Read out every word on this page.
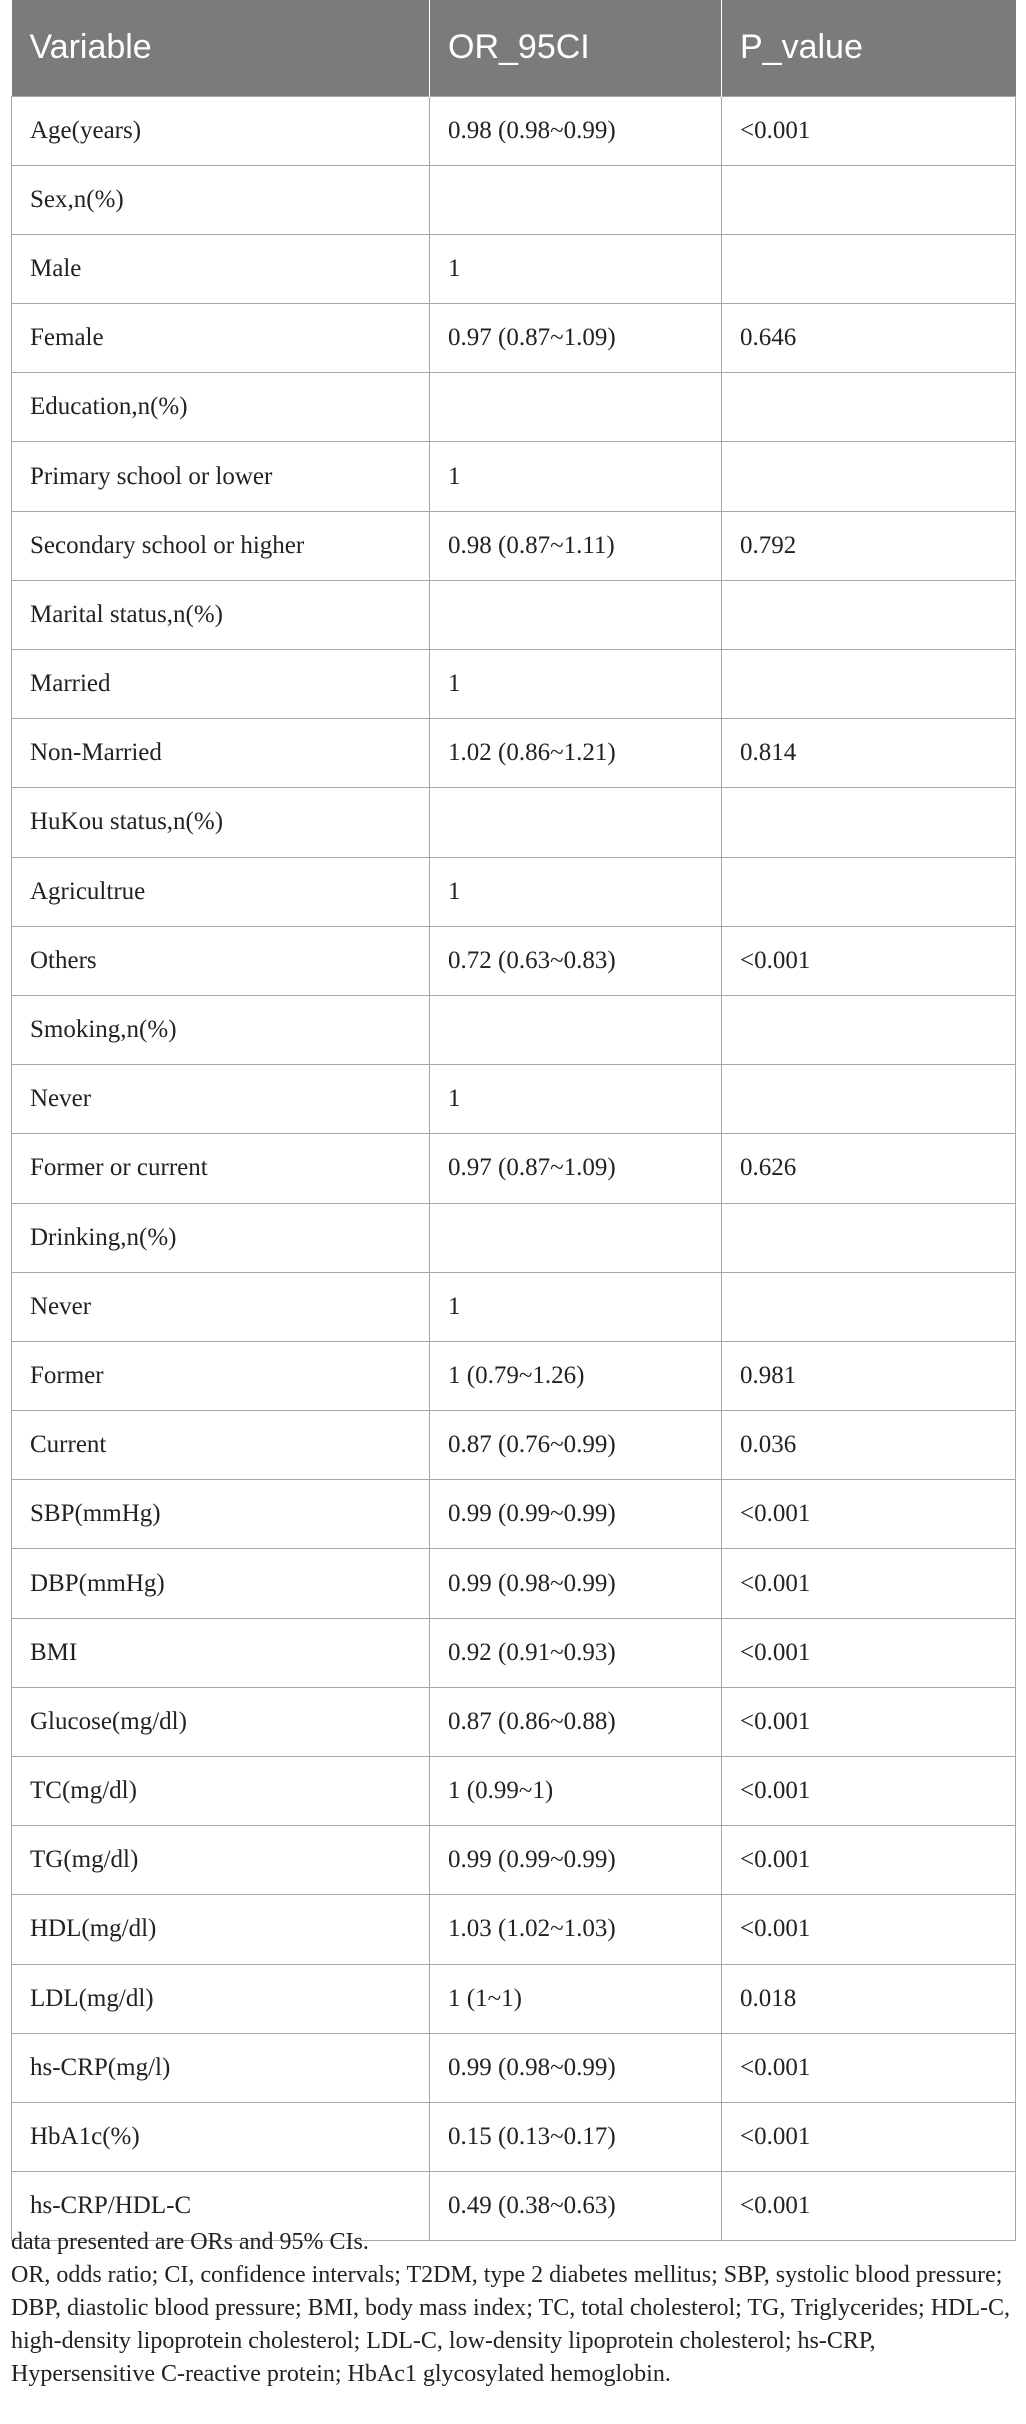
Variable	OR_95CI	P_value
Age(years)	0.98 (0.98~0.99)	<0.001
Sex,n(%)		
Male	1	
Female	0.97 (0.87~1.09)	0.646
Education,n(%)		
Primary school or lower	1	
Secondary school or higher	0.98 (0.87~1.11)	0.792
Marital status,n(%)		
Married	1	
Non-Married	1.02 (0.86~1.21)	0.814
HuKou status,n(%)		
Agricultrue	1	
Others	0.72 (0.63~0.83)	<0.001
Smoking,n(%)		
Never	1	
Former or current	0.97 (0.87~1.09)	0.626
Drinking,n(%)		
Never	1	
Former	1 (0.79~1.26)	0.981
Current	0.87 (0.76~0.99)	0.036
SBP(mmHg)	0.99 (0.99~0.99)	<0.001
DBP(mmHg)	0.99 (0.98~0.99)	<0.001
BMI	0.92 (0.91~0.93)	<0.001
Glucose(mg/dl)	0.87 (0.86~0.88)	<0.001
TC(mg/dl)	1 (0.99~1)	<0.001
TG(mg/dl)	0.99 (0.99~0.99)	<0.001
HDL(mg/dl)	1.03 (1.02~1.03)	<0.001
LDL(mg/dl)	1 (1~1)	0.018
hs-CRP(mg/l)	0.99 (0.98~0.99)	<0.001
HbA1c(%)	0.15 (0.13~0.17)	<0.001
hs-CRP/HDL-C	0.49 (0.38~0.63)	<0.001

data presented are ORs and 95% CIs.

OR, odds ratio; CI, confidence intervals; T2DM, type 2 diabetes mellitus; SBP, systolic blood pressure; DBP, diastolic blood pressure; BMI, body mass index; TC, total cholesterol; TG, Triglycerides; HDL-C, high-density lipoprotein cholesterol; LDL-C, low-density lipoprotein cholesterol; hs-CRP, Hypersensitive C-reactive protein; HbAc1 glycosylated hemoglobin.
